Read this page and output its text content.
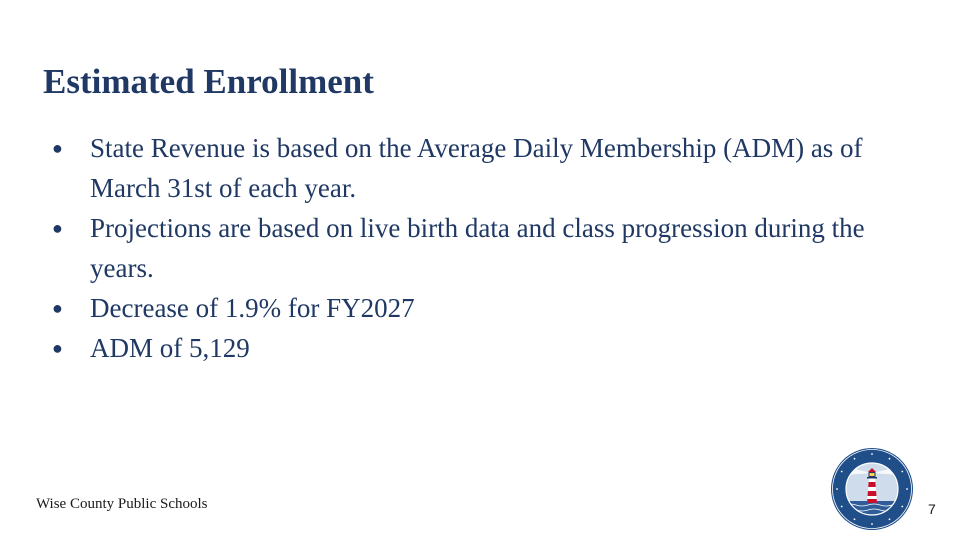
Estimated Enrollment
● State Revenue is based on the Average Daily Membership (ADM) as of March 31st of each year.
● Projections are based on live birth data and class progression during the years.
● Decrease of 1.9% for FY2027
● ADM of 5,129
Wise County Public Schools	7
